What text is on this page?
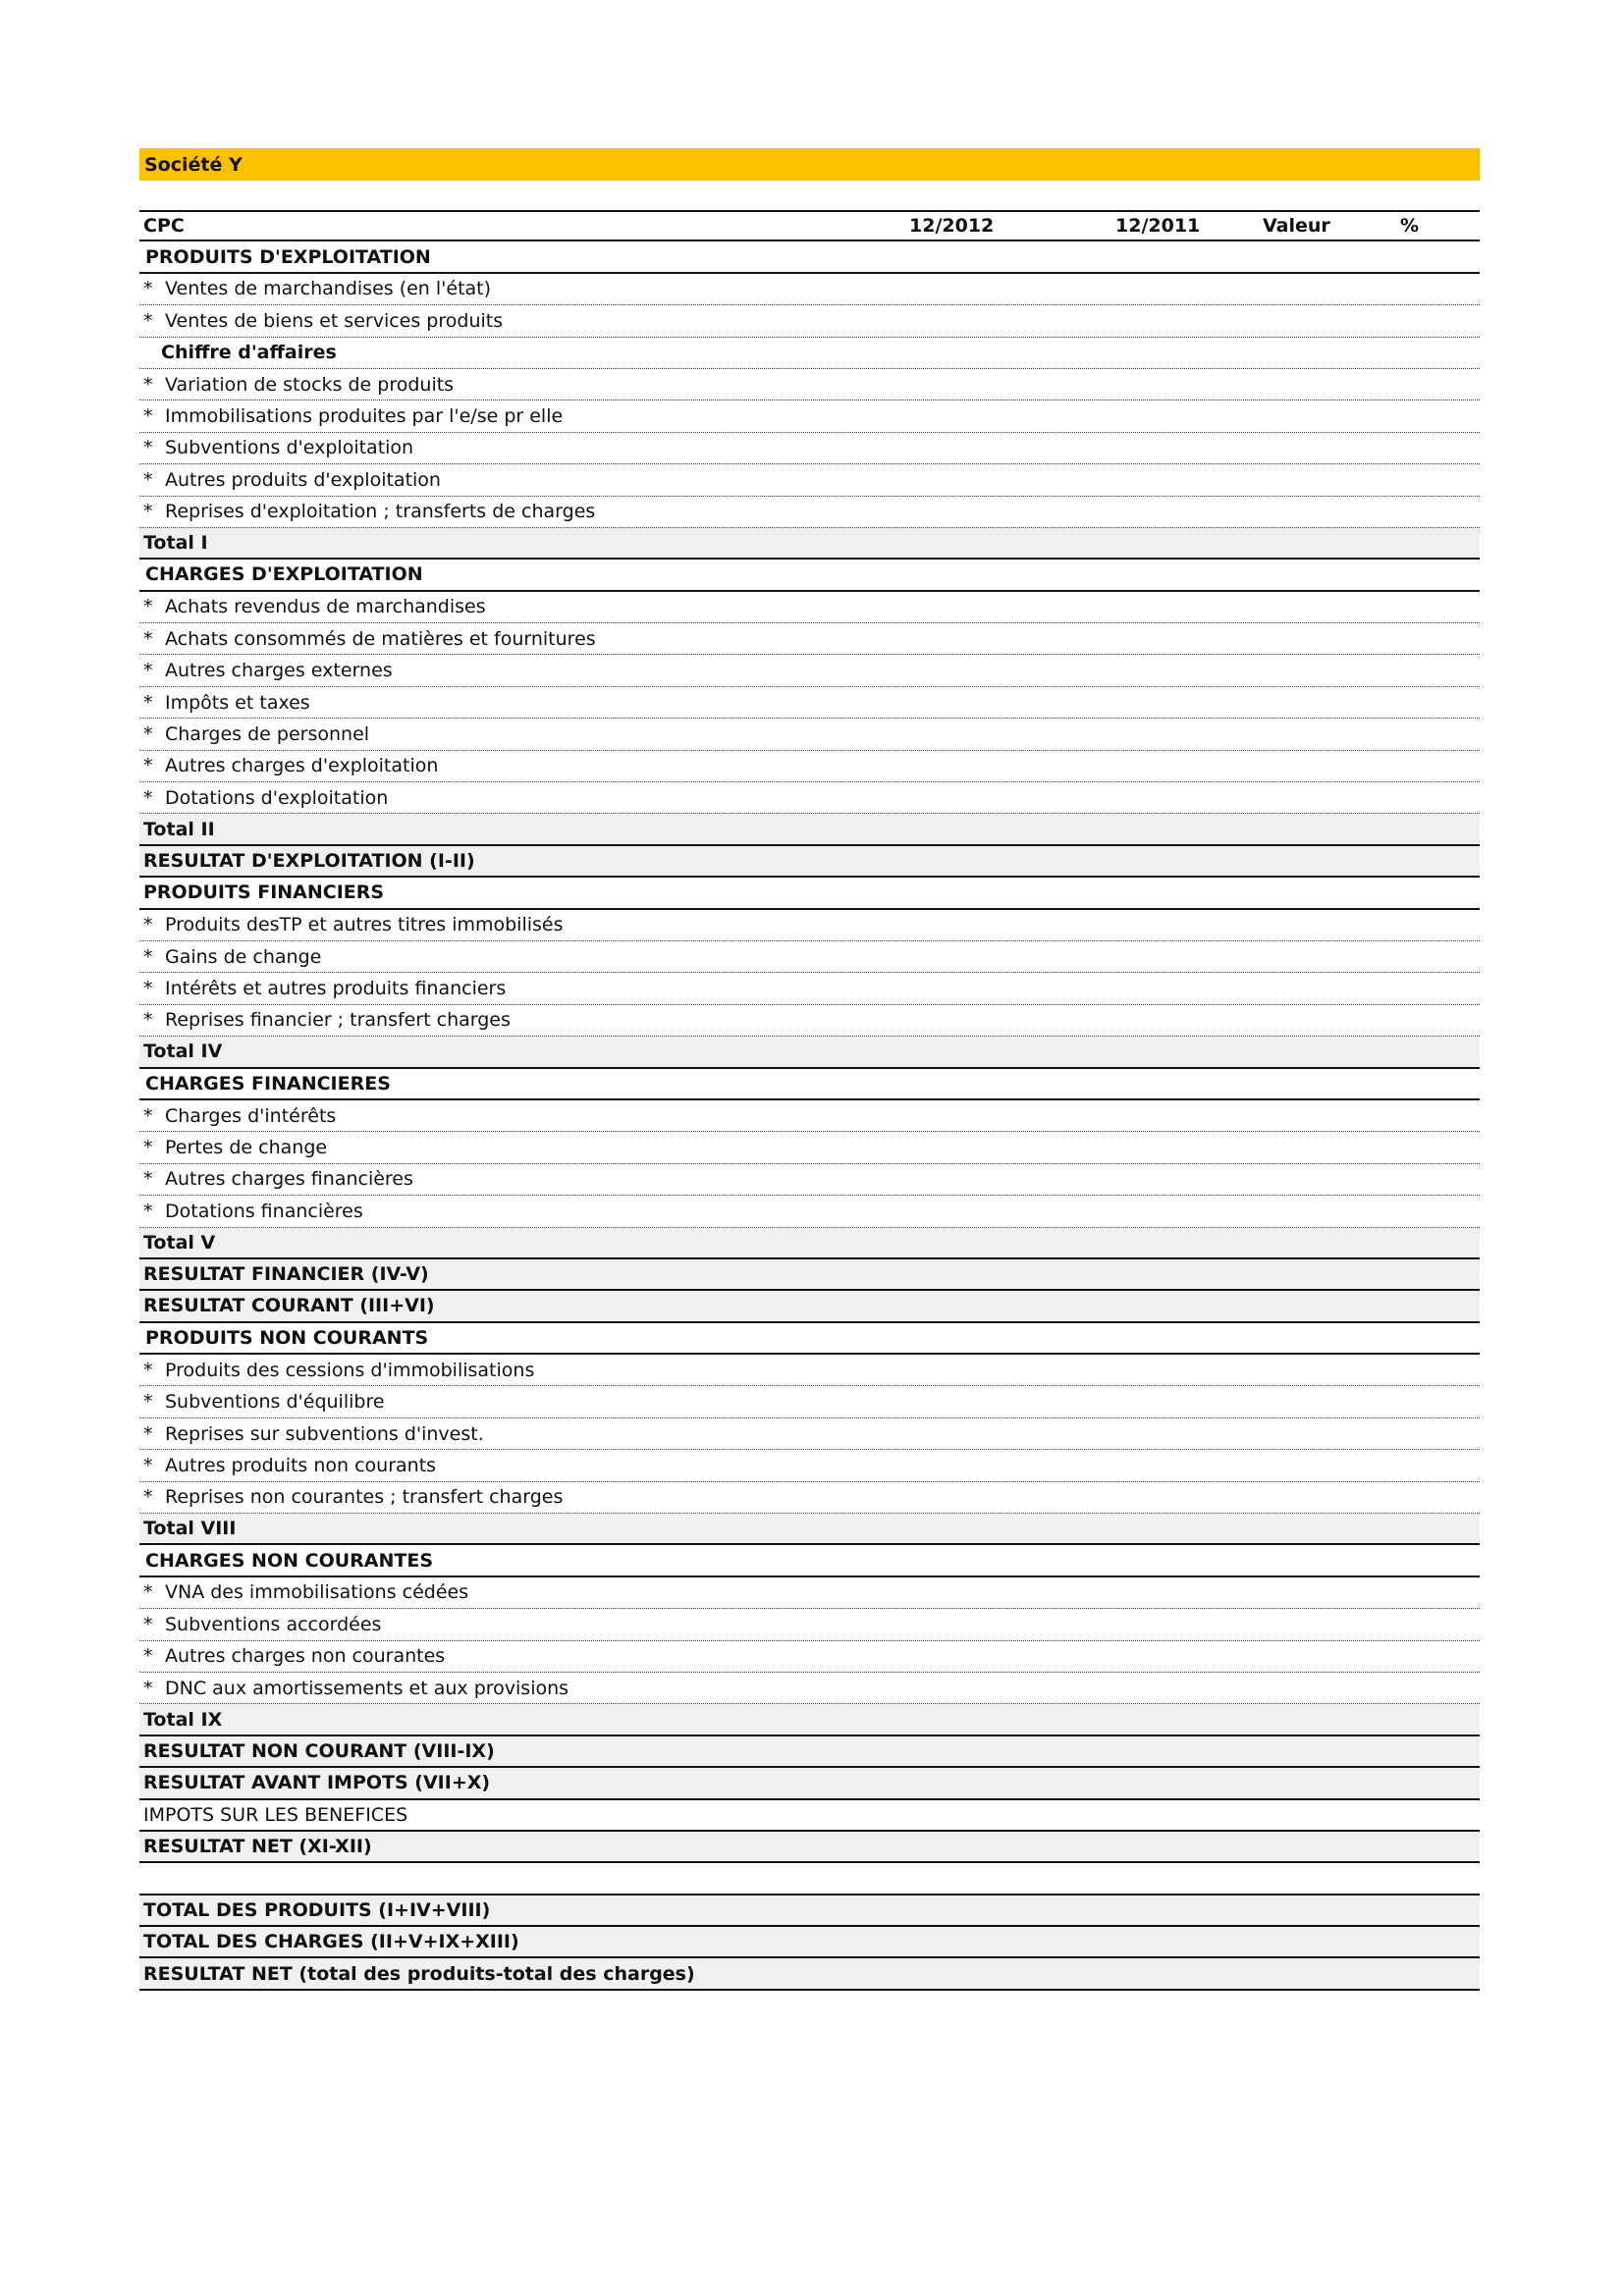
Société Y
CPC	12/2012	12/2011	Valeur	%
PRODUITS D'EXPLOITATION
* Ventes de marchandises (en l'état)
* Ventes de biens et services produits
Chiffre d'affaires
* Variation de stocks de produits
* Immobilisations produites par l'e/se pr elle
* Subventions d'exploitation
* Autres produits d'exploitation
* Reprises d'exploitation ; transferts de charges
Total I
CHARGES D'EXPLOITATION
* Achats revendus de marchandises
* Achats consommés de matières et fournitures
* Autres charges externes
* Impôts et taxes
* Charges de personnel
* Autres charges d'exploitation
* Dotations d'exploitation
Total II
RESULTAT D'EXPLOITATION (I-II)
PRODUITS FINANCIERS
* Produits desTP et autres titres immobilisés
* Gains de change
* Intérêts et autres produits financiers
* Reprises financier ; transfert charges
Total IV
CHARGES FINANCIERES
* Charges d'intérêts
* Pertes de change
* Autres charges financières
* Dotations financières
Total V
RESULTAT FINANCIER (IV-V)
RESULTAT COURANT (III+VI)
PRODUITS NON COURANTS
* Produits des cessions d'immobilisations
* Subventions d'équilibre
* Reprises sur subventions d'invest.
* Autres produits non courants
* Reprises non courantes ; transfert charges
Total VIII
CHARGES NON COURANTES
* VNA des immobilisations cédées
* Subventions accordées
* Autres charges non courantes
* DNC aux amortissements et aux provisions
Total IX
RESULTAT NON COURANT (VIII-IX)
RESULTAT AVANT IMPOTS (VII+X)
IMPOTS SUR LES BENEFICES
RESULTAT NET (XI-XII)
TOTAL DES PRODUITS (I+IV+VIII)
TOTAL DES CHARGES (II+V+IX+XIII)
RESULTAT NET (total des produits-total des charges)
